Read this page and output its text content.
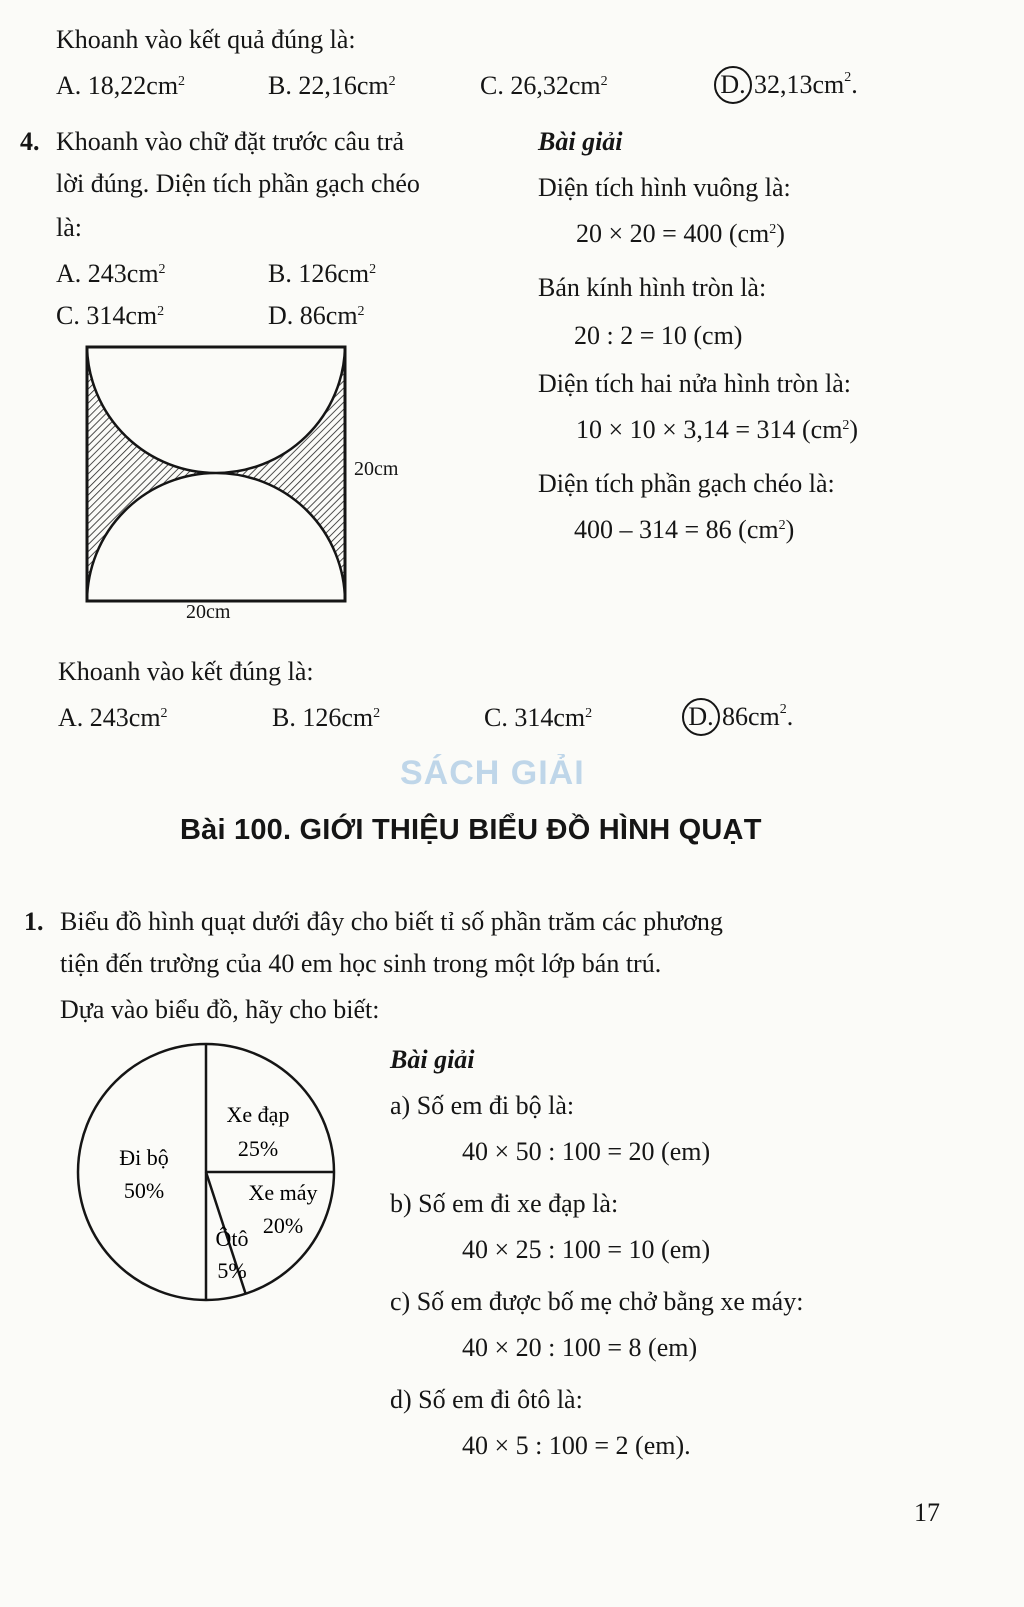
Khoanh vào kết quả đúng là:
A. $18,22cm^2$	B. $22,16cm^2$	C. $26,32cm^2$	D. $32,13cm^2$.
4. Khoanh vào chữ đặt trước câu trả
lời đúng. Diện tích phần gạch chéo
là:
A. $243cm^2$	B. $126cm^2$
C. $314cm^2$	D. $86cm^2$
20cm
20cm
Bài giải
Diện tích hình vuông là:
20 × 20 = 400 $(cm^2)$
Bán kính hình tròn là:
20 : 2 = 10 (cm)
Diện tích hai nửa hình tròn là:
10 × 10 × 3,14 = 314 $(cm^2)$
Diện tích phần gạch chéo là:
400 – 314 = 86 $(cm^2)$
Khoanh vào kết đúng là:
A. $243cm^2$	B. $126cm^2$	C. $314cm^2$	D. $86cm^2$.
SÁCH GIẢI
Bài 100. GIỚI THIỆU BIỂU ĐỒ HÌNH QUẠT
1. Biểu đồ hình quạt dưới đây cho biết tỉ số phần trăm các phương
tiện đến trường của 40 em học sinh trong một lớp bán trú.
Dựa vào biểu đồ, hãy cho biết:
Đi bộ
50%
Xe đạp
25%
Xe máy
20%
Ôtô
5%
Bài giải
a) Số em đi bộ là:
40 × 50 : 100 = 20 (em)
b) Số em đi xe đạp là:
40 × 25 : 100 = 10 (em)
c) Số em được bố mẹ chở bằng xe máy:
40 × 20 : 100 = 8 (em)
d) Số em đi ôtô là:
40 × 5 : 100 = 2 (em).
17
